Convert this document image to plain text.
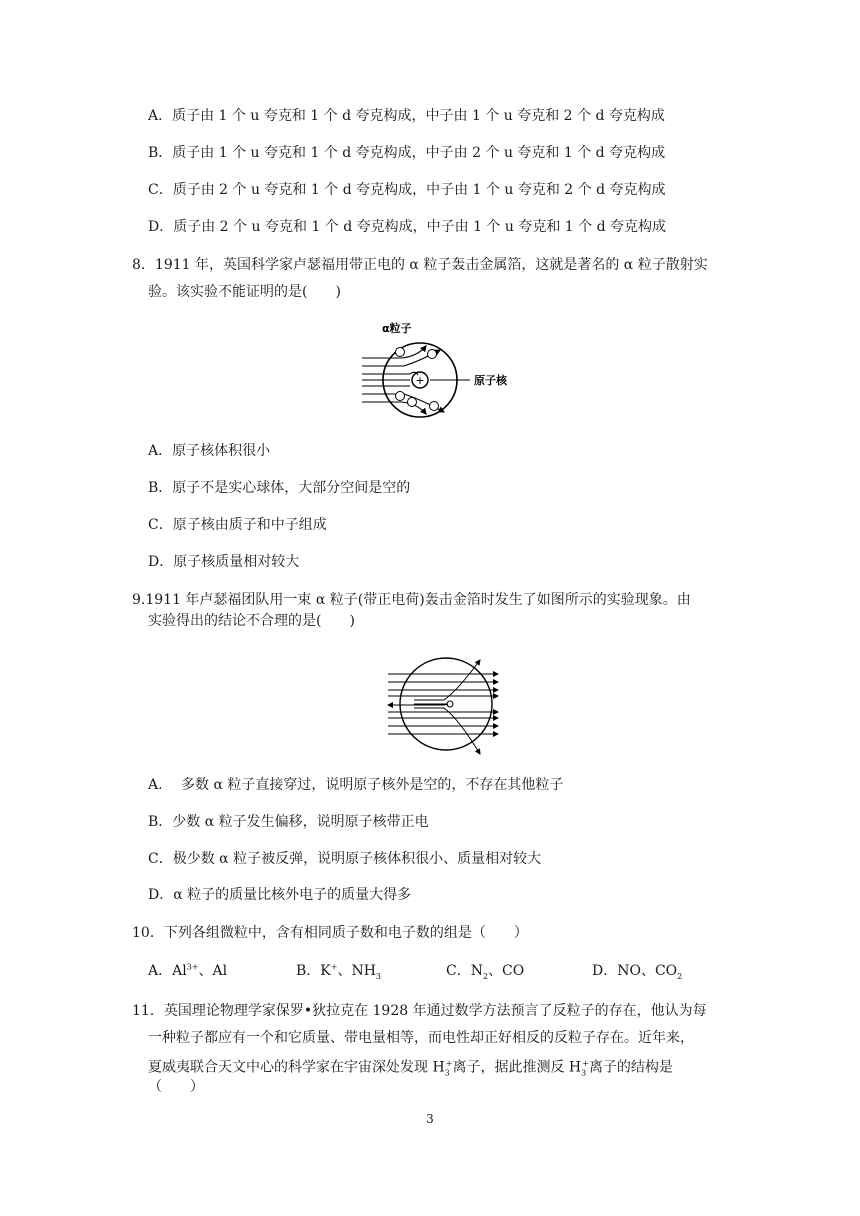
A．质子由 1 个 u 夸克和 1 个 d 夸克构成，中子由 1 个 u 夸克和 2 个 d 夸克构成
B．质子由 1 个 u 夸克和 1 个 d 夸克构成，中子由 2 个 u 夸克和 1 个 d 夸克构成
C．质子由 2 个 u 夸克和 1 个 d 夸克构成，中子由 1 个 u 夸克和 2 个 d 夸克构成
D．质子由 2 个 u 夸克和 1 个 d 夸克构成，中子由 1 个 u 夸克和 1 个 d 夸克构成
8．1911 年，英国科学家卢瑟福用带正电的 α 粒子轰击金属箔，这就是著名的 α 粒子散射实
验。该实验不能证明的是(　　)
+
α粒子
原子核
A．原子核体积很小
B．原子不是实心球体，大部分空间是空的
C．原子核由质子和中子组成
D．原子核质量相对较大
9.1911 年卢瑟福团队用一束 α 粒子(带正电荷)轰击金箔时发生了如图所示的实验现象。由
实验得出的结论不合理的是(　　)
A.　 多数 α 粒子直接穿过，说明原子核外是空的，不存在其他粒子
B．少数 α 粒子发生偏移，说明原子核带正电
C．极少数 α 粒子被反弹，说明原子核体积很小、质量相对较大
D．α 粒子的质量比核外电子的质量大得多
10．下列各组微粒中，含有相同质子数和电子数的组是（　　）
A．$Al^{3+}$、Al	B．K+、$NH_3$	C．$N_2$、CO	D．NO、$CO_2$
11．英国理论物理学家保罗•狄拉克在 1928 年通过数学方法预言了反粒子的存在，他认为每
一种粒子都应有一个和它质量、带电量相等，而电性却正好相反的反粒子存在。近年来，
夏威夷联合天文中心的科学家在宇宙深处发现 $H_3^+$离子，据此推测反 $H_3^+$离子的结构是
（　　）
3
